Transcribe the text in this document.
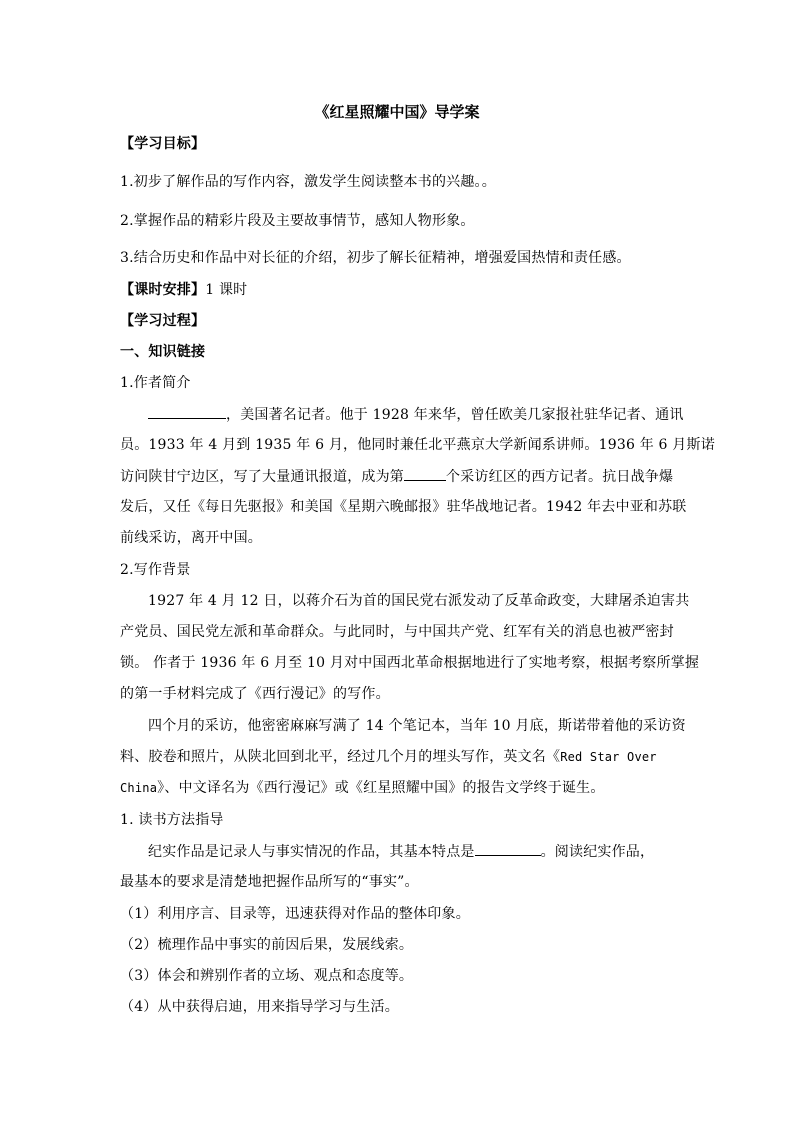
《红星照耀中国》导学案
【学习目标】
1.初步了解作品的写作内容，激发学生阅读整本书的兴趣。。
2.掌握作品的精彩片段及主要故事情节，感知人物形象。
3.结合历史和作品中对长征的介绍，初步了解长征精神，增强爱国热情和责任感。
【课时安排】1 课时
【学习过程】
一、知识链接
1.作者简介
，美国著名记者。他于 1928 年来华，曾任欧美几家报社驻华记者、通讯
员。1933 年 4 月到 1935 年 6 月，他同时兼任北平燕京大学新闻系讲师。1936 年 6 月斯诺
访问陕甘宁边区，写了大量通讯报道，成为第	个采访红区的西方记者。抗日战争爆
发后，又任《每日先驱报》和美国《星期六晚邮报》驻华战地记者。1942 年去中亚和苏联
前线采访，离开中国。
2.写作背景
1927 年 4 月 12 日，以蒋介石为首的国民党右派发动了反革命政变，大肆屠杀迫害共
产党员、国民党左派和革命群众。与此同时，与中国共产党、红军有关的消息也被严密封
锁。 作者于 1936 年 6 月至 10 月对中国西北革命根据地进行了实地考察，根据考察所掌握
的第一手材料完成了《西行漫记》的写作。
四个月的采访，他密密麻麻写满了 14 个笔记本，当年 10 月底，斯诺带着他的采访资
料、胶卷和照片，从陕北回到北平，经过几个月的埋头写作，英文名《Red Star Over
China》、中文译名为《西行漫记》或《红星照耀中国》的报告文学终于诞生。
1. 读书方法指导
纪实作品是记录人与事实情况的作品，其基本特点是	。阅读纪实作品，
最基本的要求是清楚地把握作品所写的“事实”。
（1）利用序言、目录等，迅速获得对作品的整体印象。
（2）梳理作品中事实的前因后果，发展线索。
（3）体会和辨别作者的立场、观点和态度等。
（4）从中获得启迪，用来指导学习与生活。
